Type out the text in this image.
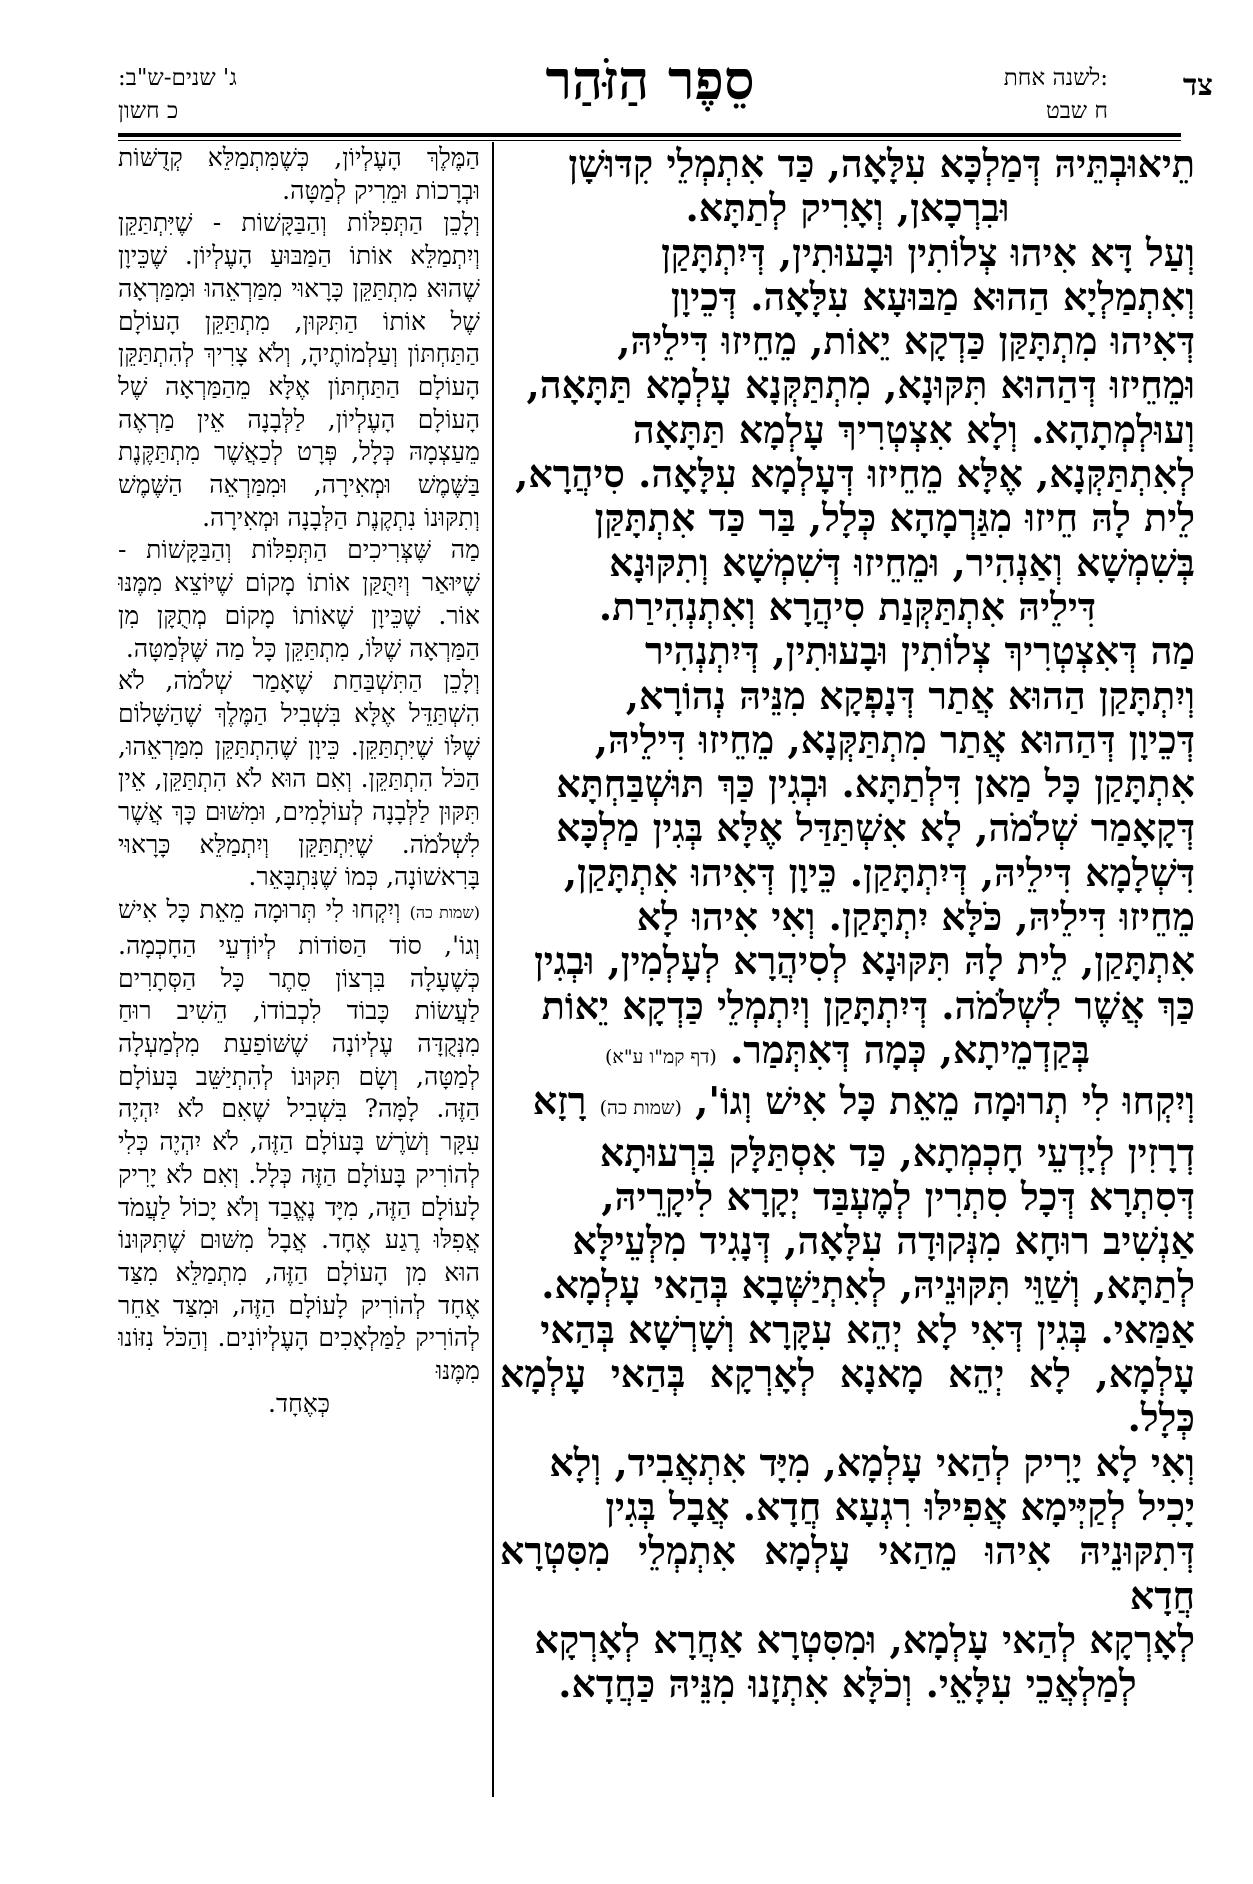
צד
לשנה אחת:
ח שבט
סֵפֶר הַזֹּהַר
ג' שנים-ש"ב:
כ חשון

תֵיאוּבְתֵּיהּ דְּמַלְכָּא עִלָּאָה, כַּד אִתְמְלֵי קִדּוּשָׁן

וּבִרְכָאן, וְאָרִיק לְתַתָּא.

וְעַל דָּא אִיהוּ צְלוֹתִין וּבָעוּתִין, דְּיִתְתָּקַן

וְאִתְמַלְיָא הַהוּא מַבּוּעָא עִלָּאָה. דְּכֵיוָן

דְּאִיהוּ מִתְתָּקַּן כַּדְקָא יֵאוֹת, מֵחֵיזוּ דִּילֵיהּ,

וּמֵחֵיזוּ דְּהַהוּא תִּקּוּנָא, מִתְתַּקְּנָא עָלְמָא תַּתָּאָה,

וְעוּלְמְתָהָא. וְלָא אִצְטְרִיךְ עָלְמָא תַּתָּאָה

לְאִתְתַּקְּנָא, אֶלָּא מֵחֵיזוּ דְּעָלְמָא עִלָּאָה. סִיהֲרָא,

לֵית לָהּ חֵיזוּ מִגַּרְמָהָא כְּלָל, בַּר כַּד אִתְתָּקַּן

בְּשִׁמְשָׁא וְאַנְהִיר, וּמֵחֵיזוּ דְּשִׁמְשָׁא וְתִקּוּנָא

דִּילֵיהּ אִתְתַּקְּנַת סִיהֲרָא וְאִתְנְהִירַת.

מַה דְּאִצְטְרִיךְ צְלוֹתִין וּבָעוּתִין, דְּיִתְנְהִיר

וְיִתְתָּקַן הַהוּא אֲתַר דְּנָפְקָא מִנֵּיהּ נְהוֹרָא,

דְּכֵיוָן דְּהַהוּא אֲתַר מִתְתַּקְּנָא, מֵחֵיזוּ דִּילֵיהּ,

אִתְתָּקַן כָּל מַאן דִּלְתַתָּא. וּבְגִין כַּךְ תּוּשְׁבַּחְתָּא

דְּקָאָמַר שְׁלֹמֹה, לָא אִשְׁתַּדַּל אֶלָּא בְּגִין מַלְכָּא

דִּשְׁלָמָא דִּילֵיהּ, דְּיִתְתָּקַן. כֵּיוָן דְּאִיהוּ אִתְתָּקַן,

מֵחֵיזוּ דִּילֵיהּ, כֹּלָּא יִתְתָּקַן. וְאִי אִיהוּ לָא

אִתְתָּקַן, לֵית לָהּ תִּקּוּנָא לְסִיהֲרָא לְעָלְמִין, וּבְגִין

כַּךְ אֲשֶׁר לִשְׁלֹמֹה. דְּיִתְתָּקַן וְיִתְמְלֵי כַּדְקָא יֵאוֹת

בְּקַדְמֵיתָא, כְּמָה דְּאִתְּמַר. (דף קמ"ו ע"א)

וְיִקְחוּ לִי תְרוּמָה מֵאֵת כָּל אִישׁ וְגוֹ', (שמות כה) רָזָא

דְרָזִין לְיָדְעֵי חָכְמְתָא, כַּד אִסְתַּלָּק בִּרְעוּתָא

דְּסִתְרָא דְּכָל סִתְרִין לְמֶעְבַּד יְקָרָא לִיקָרֵיהּ,

אַנְשִׁיב רוּחָא מִנְּקוּדָה עִלָּאָה, דְּנָגִיד מִלְּעֵילָּא

לְתַתָּא, וְשַׁוֵּי תִּקּוּנֵיהּ, לְאִתְיַשְּׁבָא בְּהַאי עָלְמָא.

אַמַּאי. בְּגִין דְּאִי לָא יְהֵא עִקָּרָא וְשָׁרְשָׁא בְּהַאי

עָלְמָא, לָא יְהֵא מָאנָא לְאָרְקָא בְּהַאי עָלְמָא כְּלָל.

וְאִי לָא יָרִיק לְהַאי עָלְמָא, מִיָּד אִתְאֲבִיד, וְלָא

יָכִיל לְקַיְּימָא אֲפִילּוּ רִגְעָא חֲדָא. אֲבָל בְּגִין

דְּתִקּוּנֵיהּ אִיהוּ מֵהַאי עָלְמָא אִתְמְלֵי מִסִּטְרָא חֲדָא

לְאָרְקָא לְהַאי עָלְמָא, וּמִסִּטְרָא אַחֲרָא לְאָרְקָא

לְמַלְאֲכֵי עִלָּאֵי. וְכֹלָּא אִתְזָנוּ מִנֵּיהּ כַּחֲדָא.

הַמֶּלֶךְ הָעֶלְיוֹן, כְּשֶׁמִּתְמַלֵּא קְדֻשּׁוֹת וּבְרָכוֹת וּמֵרִיק לְמַטָּה.

וְלָכֵן הַתְּפִלּוֹת וְהַבַּקָּשׁוֹת - שֶׁיִּתְתַּקֵּן וְיִתְמַלֵּא אוֹתוֹ הַמַּבּוּעַ הָעֶלְיוֹן. שֶׁכֵּיוָן שֶׁהוּא מִתְתַּקֵּן כָּרָאוּי מִמַּרְאֵהוּ וּמִמַּרְאָה שֶׁל אוֹתוֹ הַתִּקּוּן, מִתְתַּקֵּן הָעוֹלָם הַתַּחְתּוֹן וְעַלְמוֹתֶיהָ, וְלֹא צָרִיךְ לְהִתְתַּקֵּן הָעוֹלָם הַתַּחְתּוֹן אֶלָּא מֵהַמַּרְאָה שֶׁל הָעוֹלָם הָעֶלְיוֹן, לַלְּבָנָה אֵין מַרְאֶה מֵעַצְמָהּ כְּלָל, פְּרָט לְכַאֲשֶׁר מִתְתַּקֶּנֶת בַּשֶּׁמֶשׁ וּמְאִירָה, וּמִמַּרְאֵה הַשֶּׁמֶשׁ וְתִקּוּנוֹ נִתְקֶנֶת הַלְּבָנָה וּמְאִירָה.

מַה שֶּׁצְּרִיכִים הַתְּפִלּוֹת וְהַבַּקָּשׁוֹת - שֶׁיּוּאַר וְיִתֻּקַּן אוֹתוֹ מָקוֹם שֶׁיּוֹצֵא מִמֶּנּוּ אוֹר. שֶׁכֵּיוָן שֶׁאוֹתוֹ מָקוֹם מְתֻקָּן מִן הַמַּרְאָה שֶׁלּוֹ, מִתְתַּקֵּן כָּל מַה שֶּׁלְּמַטָּה.

וְלָכֵן הַתִּשְׁבַּחַת שֶׁאָמַר שְׁלֹמֹה, לֹא הִשְׁתַּדֵּל אֶלָּא בִּשְׁבִיל הַמֶּלֶךְ שֶׁהַשָּׁלוֹם שֶׁלּוֹ שֶׁיִּתְתַּקֵּן. כֵּיוָן שֶׁהִתְתַּקֵּן מִמַּרְאֵהוּ, הַכֹּל הִתְתַּקֵּן. וְאִם הוּא לֹא הִתְתַּקֵּן, אֵין תִּקּוּן לַלְּבָנָה לְעוֹלָמִים, וּמִשּׁוּם כָּךְ אֲשֶׁר לִשְׁלֹמֹה. שֶׁיִּתְתַּקֵּן וְיִתְמַלֵּא כָּרָאוּי בָּרִאשׁוֹנָה, כְּמוֹ שֶׁנִּתְבָּאֵר.

(שמות כה) וְיִקְחוּ לִי תְּרוּמָה מֵאֵת כָּל אִישׁ וְגוֹ', סוֹד הַסּוֹדוֹת לְיוֹדְעֵי הַחָכְמָה. כְּשֶׁעָלָה בִּרְצוֹן סֵתֶר כָּל הַסְּתָרִים לַעֲשׂוֹת כָּבוֹד לִכְבוֹדוֹ, הֵשִׁיב רוּחַ מִנְּקֻדָּה עֶלְיוֹנָה שֶׁשּׁוֹפַעַת מִלְמַעְלָה לְמַטָּה, וְשָׂם תִּקּוּנוֹ לְהִתְיַשֵּׁב בָּעוֹלָם הַזֶּה. לָמָּה? בִּשְׁבִיל שֶׁאִם לֹא יִהְיֶה עִקָּר וְשֹׁרֶשׁ בָּעוֹלָם הַזֶּה, לֹא יִהְיֶה כְּלִי לְהוֹרִיק בָּעוֹלָם הַזֶּה כְּלָל. וְאִם לֹא יָרִיק לָעוֹלָם הַזֶּה, מִיָּד נֶאֱבַד וְלֹא יָכוֹל לַעֲמֹד אֲפִלּוּ רֶגַע אֶחָד. אֲבָל מִשּׁוּם שֶׁתִּקּוּנוֹ הוּא מִן הָעוֹלָם הַזֶּה, מִתְמַלֵּא מִצַּד אֶחָד לְהוֹרִיק לָעוֹלָם הַזֶּה, וּמִצַּד אַחֵר לְהוֹרִיק לַמַּלְאָכִים הָעֶלְיוֹנִים. וְהַכֹּל נִזּוֹנוּ מִמֶּנּוּ

כְּאֶחָד.
